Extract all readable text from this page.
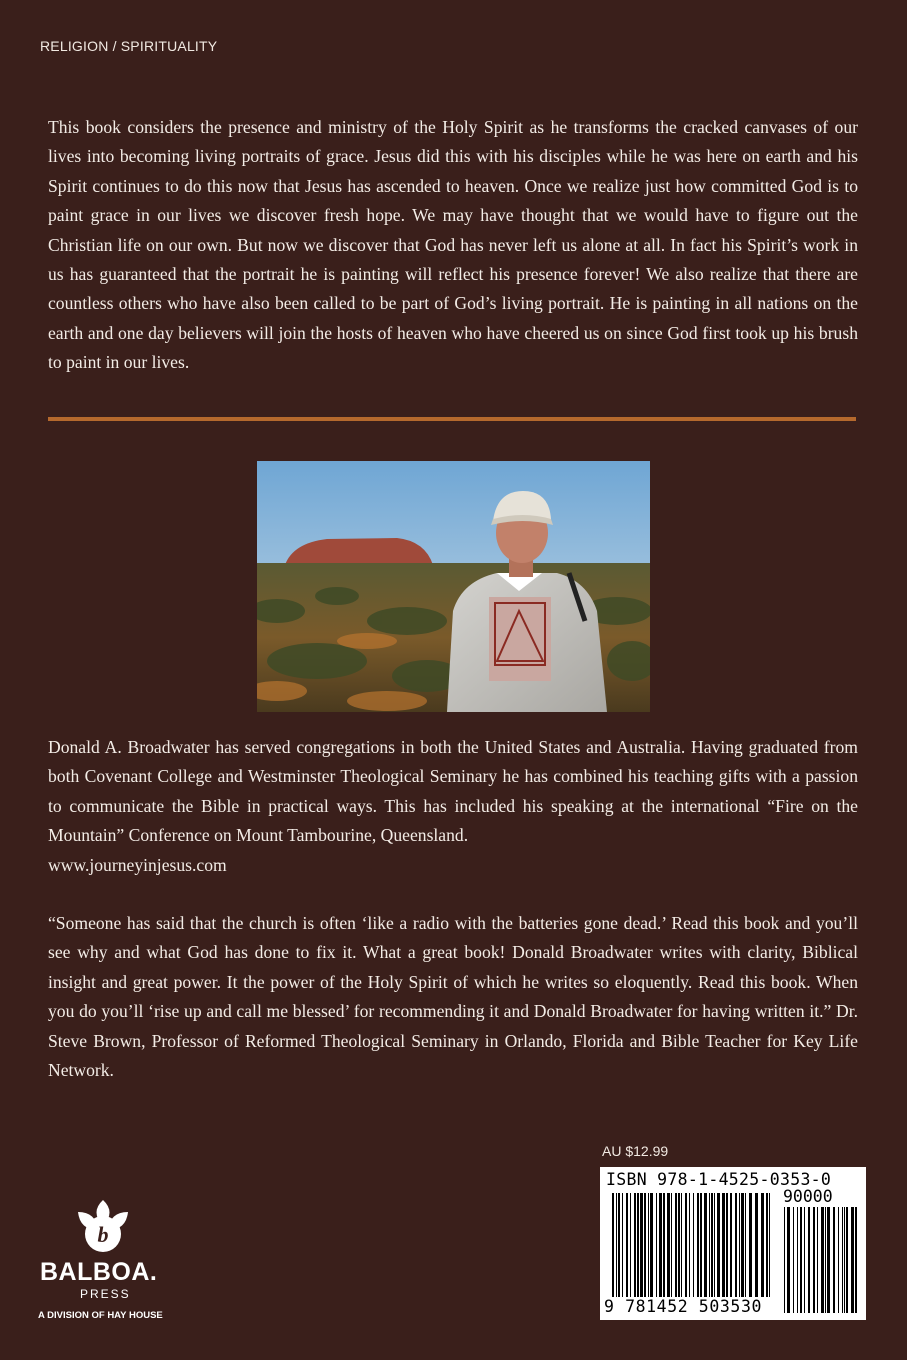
RELIGION / SPIRITUALITY

This book considers the presence and ministry of the Holy Spirit as he transforms the cracked canvases of our lives into becoming living portraits of grace. Jesus did this with his disciples while he was here on earth and his Spirit continues to do this now that Jesus has ascended to heaven. Once we realize just how committed God is to paint grace in our lives we discover fresh hope. We may have thought that we would have to figure out the Christian life on our own. But now we discover that God has never left us alone at all. In fact his Spirit’s work in us has guaranteed that the portrait he is painting will reflect his presence forever! We also realize that there are countless others who have also been called to be part of God’s living portrait. He is painting in all nations on the earth and one day believers will join the hosts of heaven who have cheered us on since God first took up his brush to paint in our lives.

Donald A. Broadwater has served congregations in both the United States and Australia. Having graduated from both Covenant College and Westminster Theological Seminary he has combined his teaching gifts with a passion to communicate the Bible in practical ways. This has included his speaking at the international “Fire on the Mountain” Conference on Mount Tambourine, Queensland.
www.journeyinjesus.com

“Someone has said that the church is often ‘like a radio with the batteries gone dead.’ Read this book and you’ll see why and what God has done to fix it. What a great book! Donald Broadwater writes with clarity, Biblical insight and great power. It the power of the Holy Spirit of which he writes so eloquently. Read this book. When you do you’ll ‘rise up and call me blessed’ for recommending it and Donald Broadwater for having written it.” Dr. Steve Brown, Professor of Reformed Theological Seminary in Orlando, Florida and Bible Teacher for Key Life Network.

b
BALBOA.
PRESS
A DIVISION OF HAY HOUSE
AU $12.99
ISBN 978-1-4525-0353-0
90000
9 781452 503530
